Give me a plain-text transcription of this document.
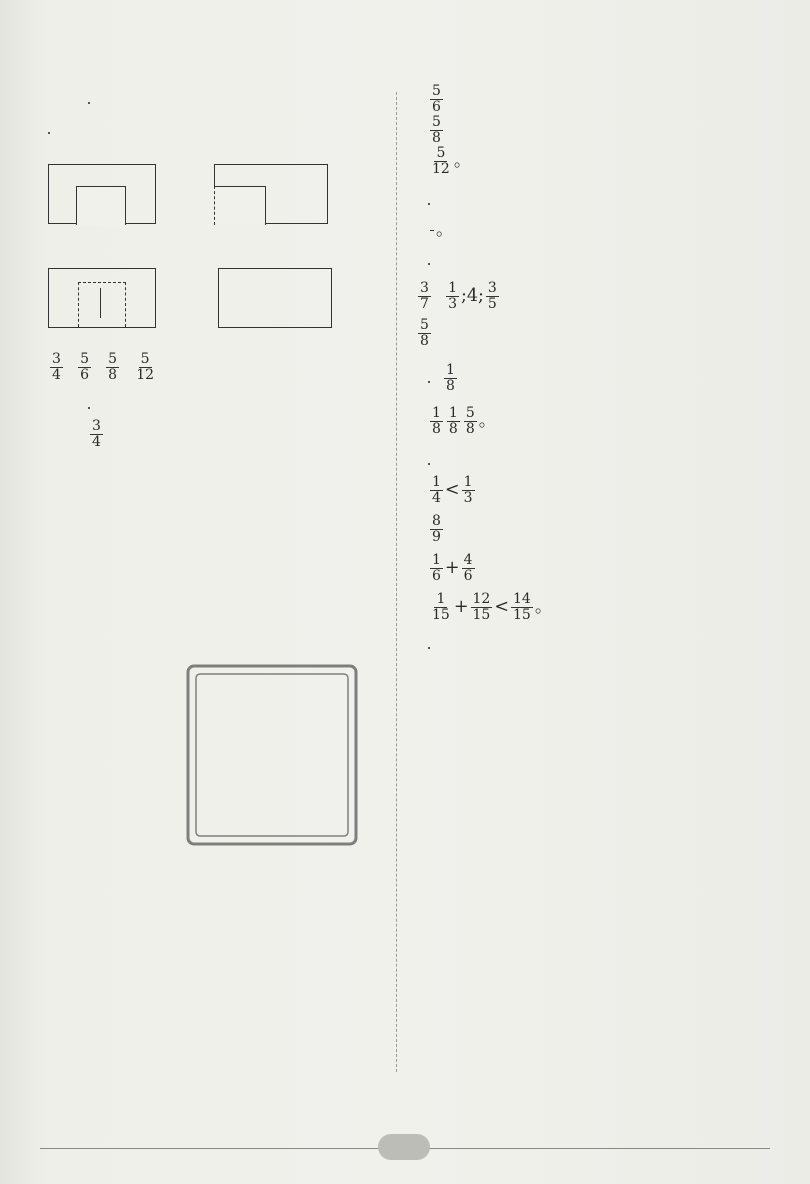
$\frac{3}{4}$
$\frac{5}{6}$
$\frac{5}{8}$
$\frac{5}{12}$
$\frac{3}{4}$
$\frac{5}{6}$
$\frac{5}{8}$
$\frac{5}{12}$ 。
。
$\frac{3}{7}$
$\frac{1}{3}$ ;4; $\frac{3}{5}$
$\frac{5}{8}$
$\frac{1}{8}$
$\frac{1}{8} \frac{1}{8} \frac{5}{8}$ 。
$\frac{1}{4} < \frac{1}{3}$
$\frac{8}{9}$
$\frac{1}{6} + \frac{4}{6}$
$\frac{1}{15} + \frac{12}{15} < \frac{14}{15}$ 。
